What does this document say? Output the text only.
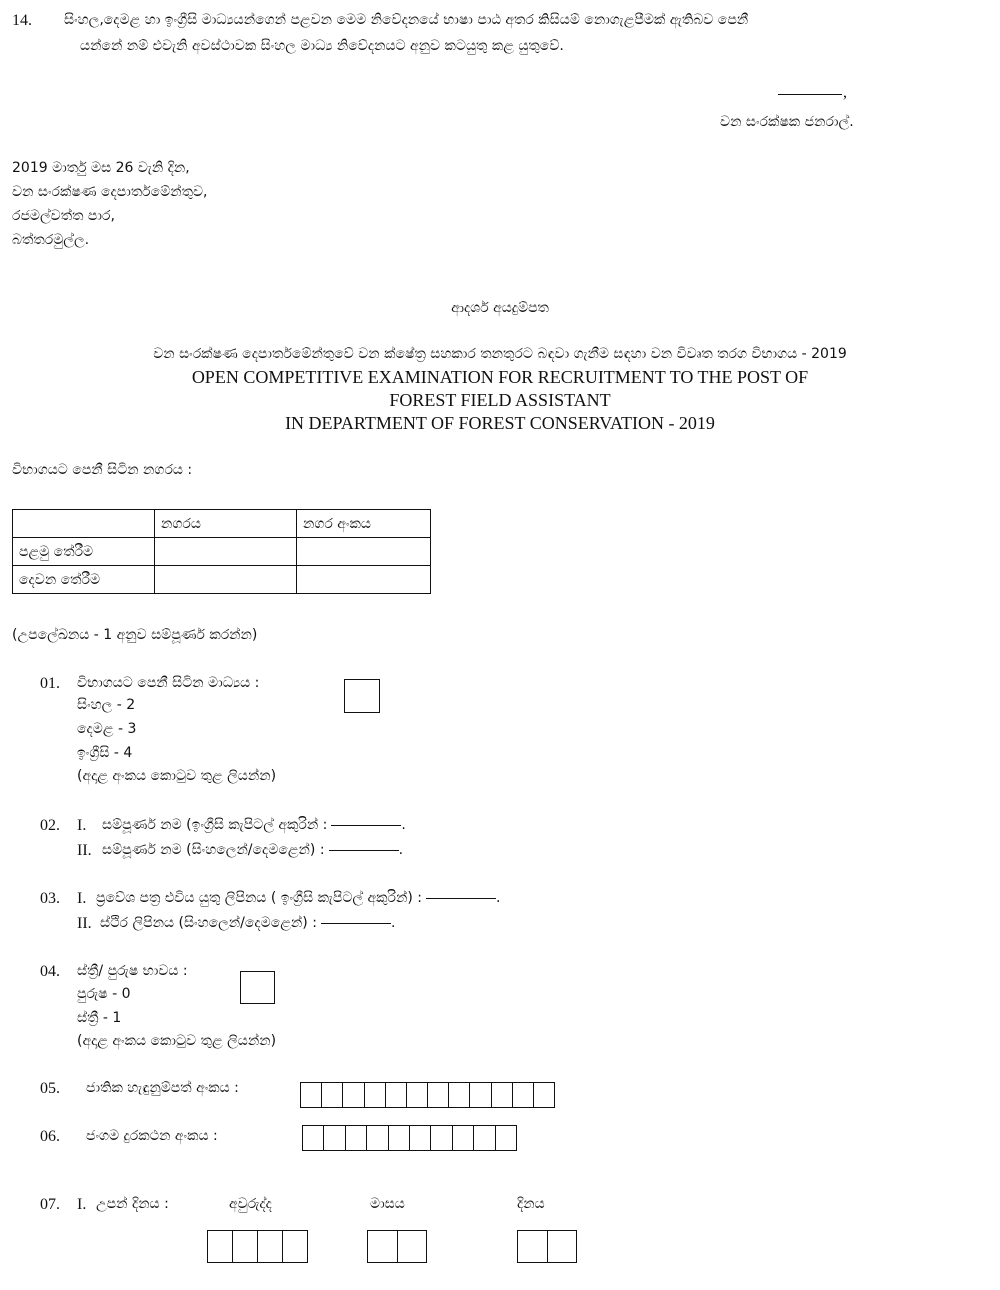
14. සිංහල,දෙමළ හා ඉංග්‍රීසි මාධ්‍යයන්ගෙන් පළවන මෙම නිවේදනයේ භාෂා පාඨ අතර කිසියම් නොගැළපීමක් ඇතිබව පෙනී
යන්නේ නම් එවැනි අවස්ථාවක සිංහල මාධ්‍ය නිවේදනයට අනුව කටයුතු කළ යුතුවේ.
,
වන සංරක්ෂක ජනරාල්.
2019 මාර්තු මස 26 වැනි දින,
වන සංරක්ෂණ දෙපාර්තමේන්තුව,
රජමල්වත්ත පාර,
බත්තරමුල්ල.
ආදර්ශ අයදුම්පත
වන සංරක්ෂණ දෙපාර්තමේන්තුවේ වන ක්ෂේත්‍ර සහකාර තනතුරට බඳවා ගැනීම සඳහා වන විවෘත තරග විභාගය - 2019
OPEN COMPETITIVE EXAMINATION FOR RECRUITMENT TO THE POST OF
FOREST FIELD ASSISTANT
IN DEPARTMENT OF FOREST CONSERVATION - 2019
විභාගයට පෙනී සිටින නගරය :
	නගරය	නගර අංකය
පළමු තේරීම		
දෙවන තේරීම		
(උපලේඛනය - 1 අනුව සම්පූර්ණ කරන්න)
01. විභාගයට පෙනී සිටින මාධ්‍යය :
සිංහල - 2
දෙමළ - 3
ඉංග්‍රීසි - 4
(අදාළ අංකය කොටුව තුළ ලියන්න)
02. I. සම්පූර්ණ නම (ඉංග්‍රීසි කැපිටල් අකුරින් :	.
II. සම්පූර්ණ නම (සිංහලෙන්/දෙමළෙන්) :	.
03. I. ප්‍රවේශ පත්‍ර එවිය යුතු ලිපිනය ( ඉංග්‍රීසි කැපිටල් අකුරින්) :	.
II. ස්ථිර ලිපිනය (සිංහලෙන්/දෙමළෙන්) :	.
04. ස්ත්‍රී/ පුරුෂ භාවය :
පුරුෂ - 0
ස්ත්‍රී - 1
(අදාළ අංකය කොටුව තුළ ලියන්න)
05. ජාතික හැඳුනුම්පත් අංකය :
06. ජංගම දුරකථන අංකය :
07. I. උපන් දිනය :	අවුරුද්ද	මාසය	දිනය
